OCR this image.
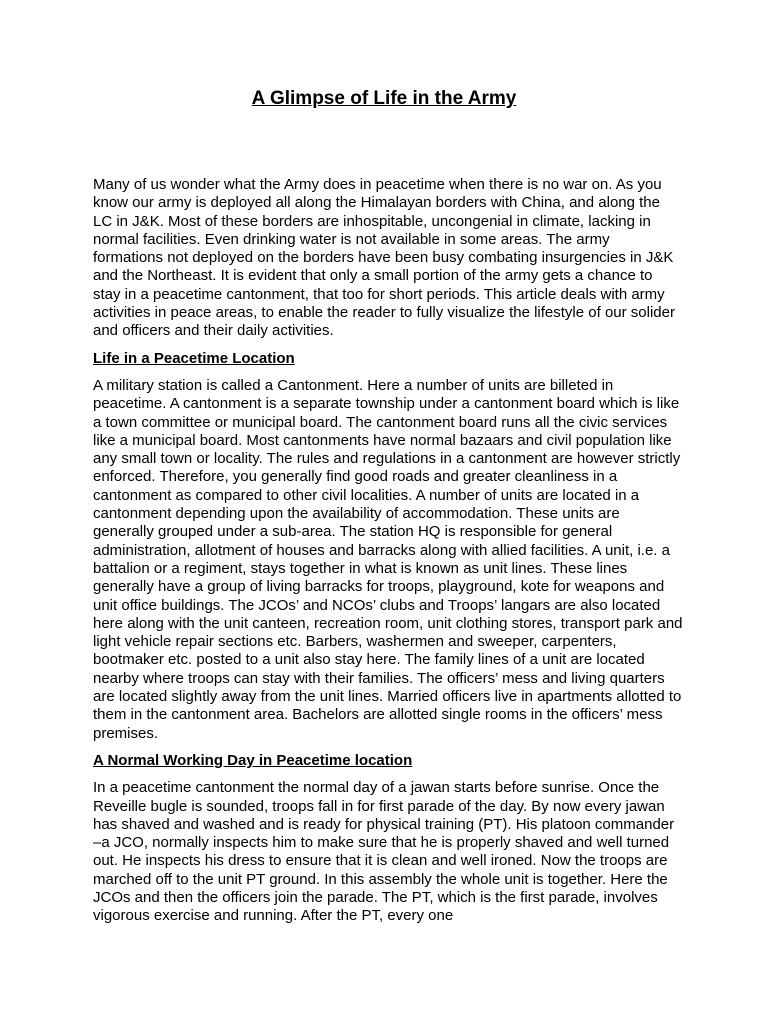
A Glimpse of Life in the Army

Many of us wonder what the Army does in peacetime when there is no war on. As you know our army is deployed all along the Himalayan borders with China, and along the LC in J&K. Most of these borders are inhospitable, uncongenial in climate, lacking in normal facilities. Even drinking water is not available in some areas. The army formations not deployed on the borders have been busy combating insurgencies in J&K and the Northeast. It is evident that only a small portion of the army gets a chance to stay in a peacetime cantonment, that too for short periods. This article deals with army activities in peace areas, to enable the reader to fully visualize the lifestyle of our solider and officers and their daily activities.

Life in a Peacetime Location

A military station is called a Cantonment. Here a number of units are billeted in peacetime. A cantonment is a separate township under a cantonment board which is like a town committee or municipal board. The cantonment board runs all the civic services like a municipal board. Most cantonments have normal bazaars and civil population like any small town or locality. The rules and regulations in a cantonment are however strictly enforced. Therefore, you generally find good roads and greater cleanliness in a cantonment as compared to other civil localities. A number of units are located in a cantonment depending upon the availability of accommodation. These units are generally grouped under a sub-area. The station HQ is responsible for general administration, allotment of houses and barracks along with allied facilities. A unit, i.e. a battalion or a regiment, stays together in what is known as unit lines. These lines generally have a group of living barracks for troops, playground, kote for weapons and unit office buildings. The JCOs’ and NCOs’ clubs and Troops’ langars are also located here along with the unit canteen, recreation room, unit clothing stores, transport park and light vehicle repair sections etc. Barbers, washermen and sweeper, carpenters, bootmaker etc. posted to a unit also stay here. The family lines of a unit are located nearby where troops can stay with their families. The officers’ mess and living quarters are located slightly away from the unit lines. Married officers live in apartments allotted to them in the cantonment area. Bachelors are allotted single rooms in the officers’ mess premises.

A Normal Working Day in Peacetime location

In a peacetime cantonment the normal day of a jawan starts before sunrise. Once the Reveille bugle is sounded, troops fall in for first parade of the day. By now every jawan has shaved and washed and is ready for physical training (PT). His platoon commander –a JCO, normally inspects him to make sure that he is properly shaved and well turned out. He inspects his dress to ensure that it is clean and well ironed. Now the troops are marched off to the unit PT ground. In this assembly the whole unit is together. Here the JCOs and then the officers join the parade. The PT, which is the first parade, involves vigorous exercise and running. After the PT, every one
